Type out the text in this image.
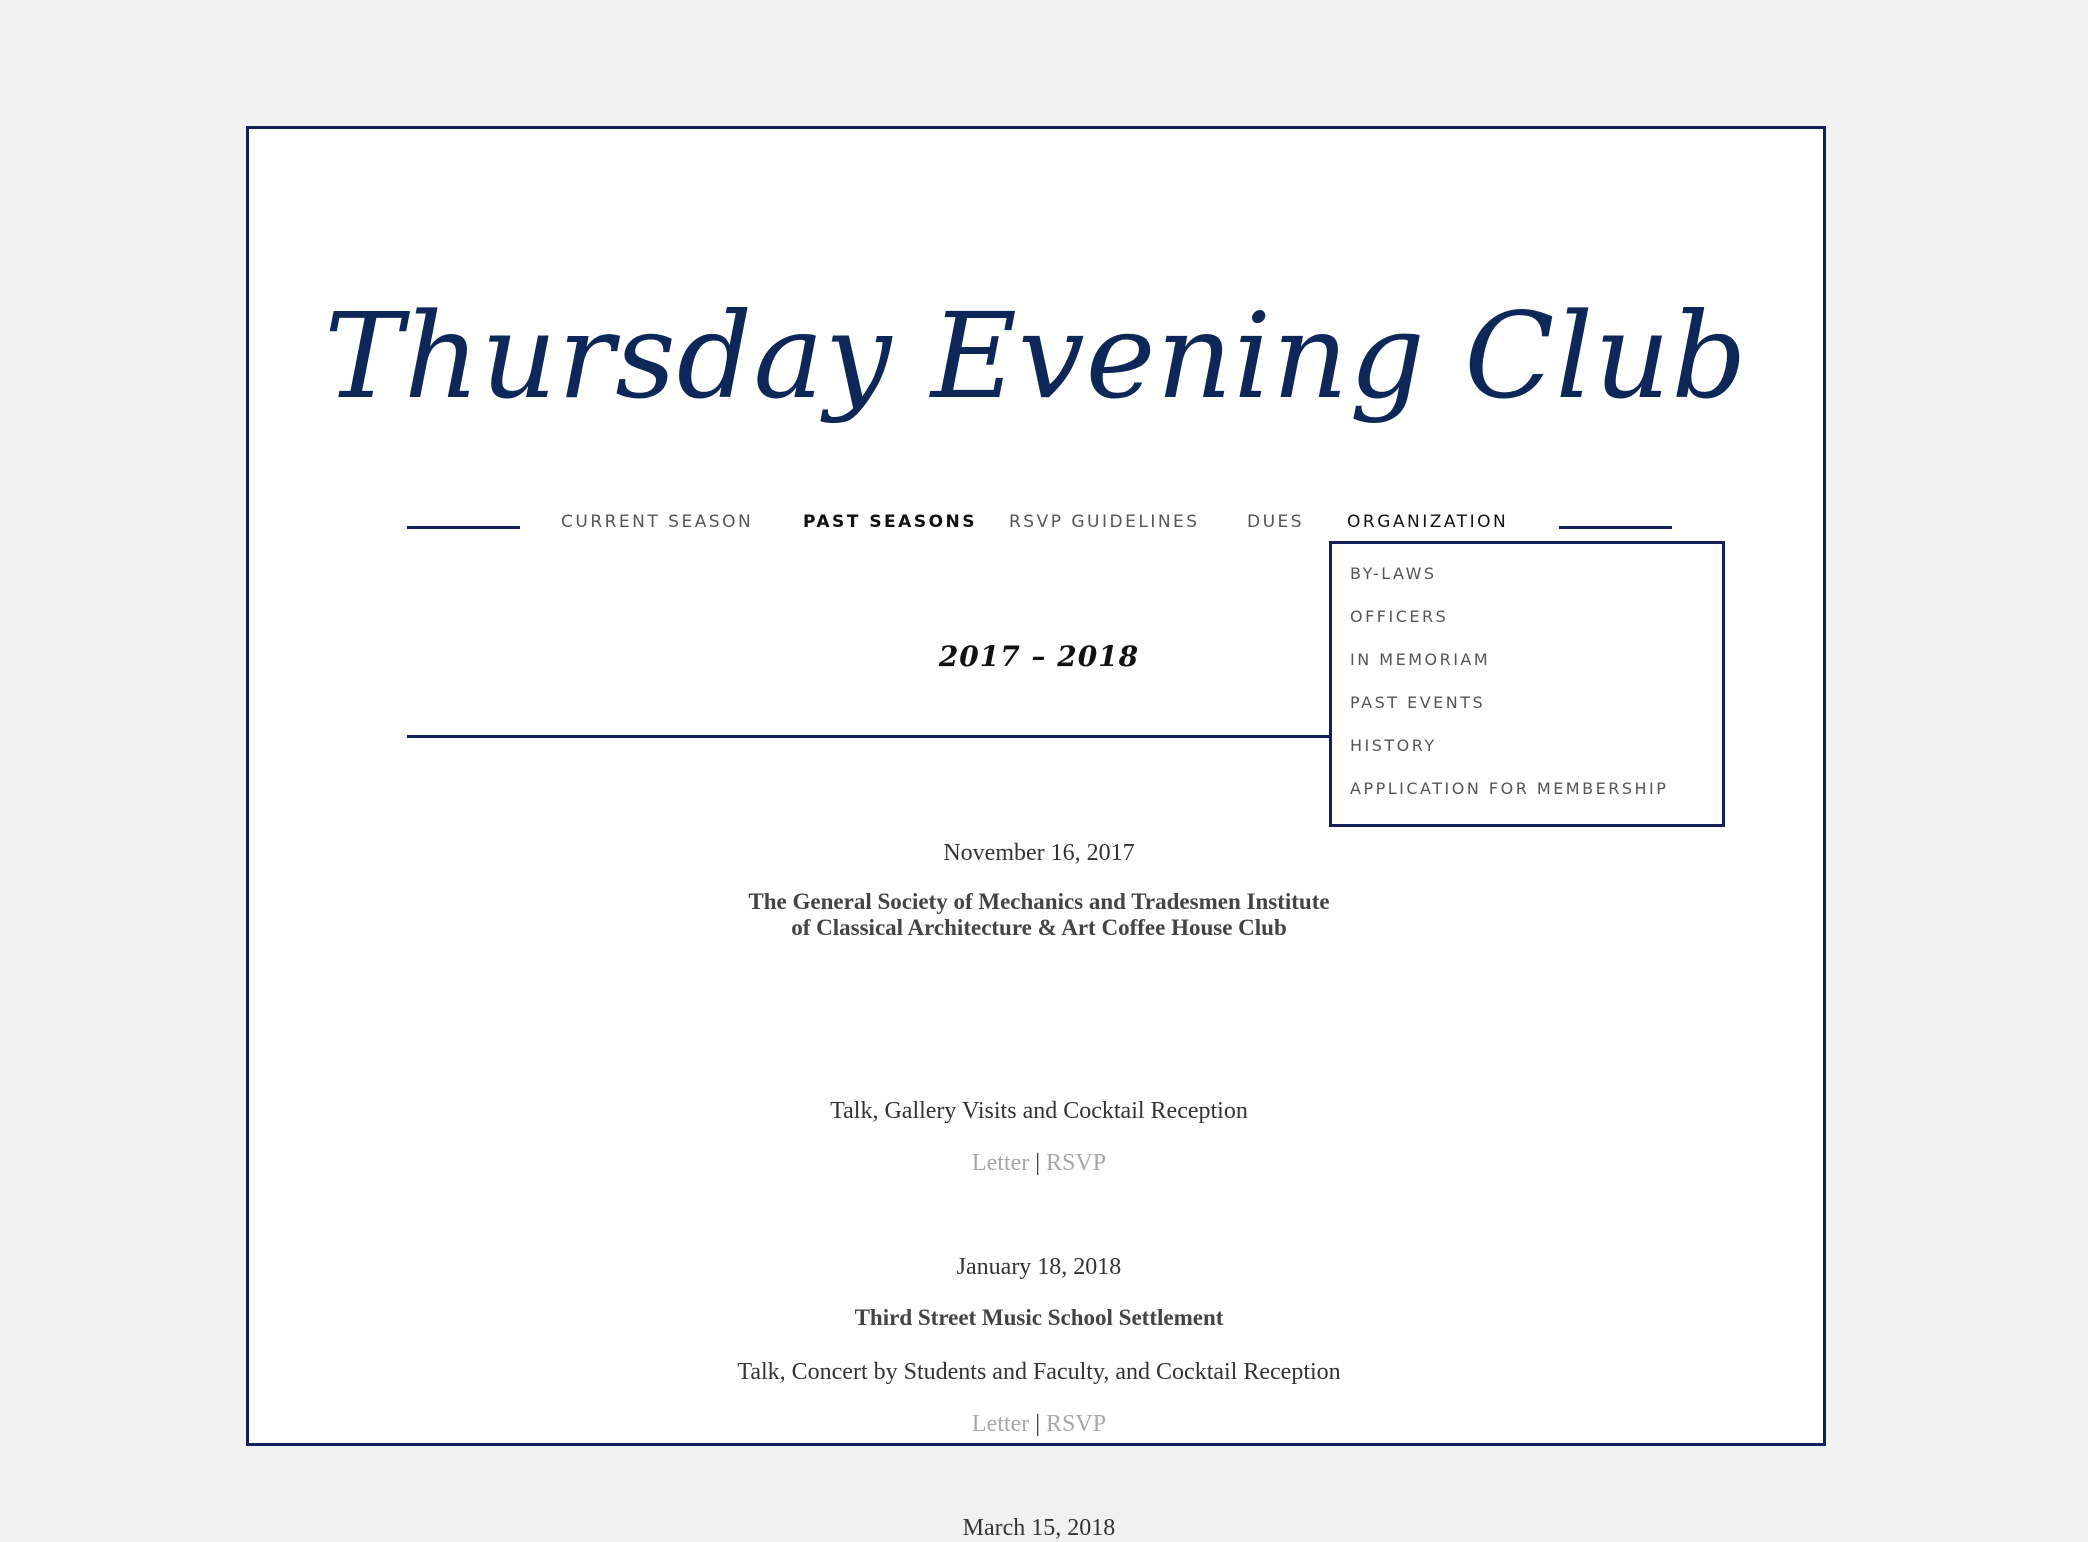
Thursday Evening Club
CURRENT SEASON	PAST SEASONS RSVP GUIDELINES	DUES	ORGANIZATION
BY-LAWS
OFFICERS
IN MEMORIAM
PAST EVENTS
HISTORY
APPLICATION FOR MEMBERSHIP
2017 – 2018
November 16, 2017
The General Society of Mechanics and Tradesmen Institute
of Classical Architecture & Art Coffee House Club
Talk, Gallery Visits and Cocktail Reception
Letter | RSVP
January 18, 2018
Third Street Music School Settlement
Talk, Concert by Students and Faculty, and Cocktail Reception
Letter | RSVP
March 15, 2018
